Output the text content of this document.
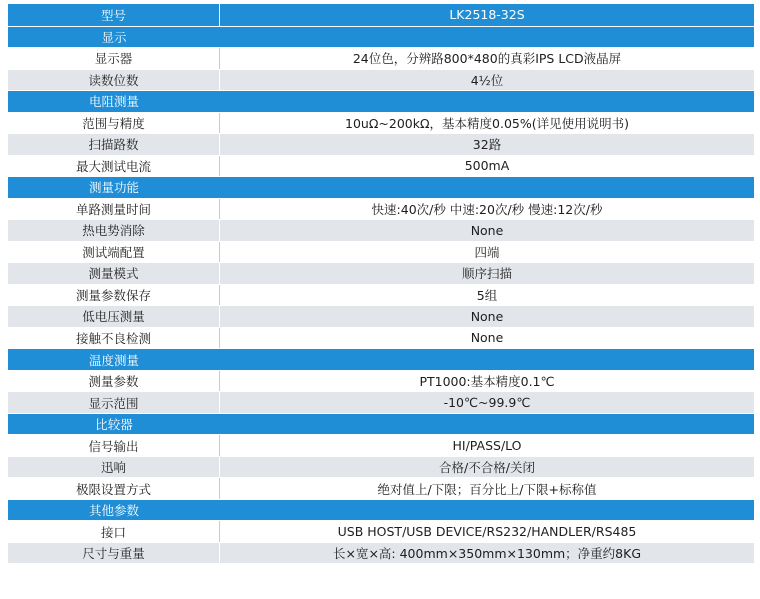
型号	LK2518-32S
显示
显示器	24位色，分辨路800*480的真彩IPS LCD液晶屏
读数位数	4½位
电阻测量
范围与精度	10uΩ~200kΩ，基本精度0.05%(详见使用说明书)
扫描路数	32路
最大测试电流	500mA
测量功能
单路测量时间	快速:40次/秒 中速:20次/秒 慢速:12次/秒
热电势消除	None
测试端配置	四端
测量模式	顺序扫描
测量参数保存	5组
低电压测量	None
接触不良检测	None
温度测量
测量参数	PT1000:基本精度0.1℃
显示范围	-10℃~99.9℃
比较器
信号输出	HI/PASS/LO
迅响	合格/不合格/关闭
极限设置方式	绝对值上/下限；百分比上/下限+标称值
其他参数
接口	USB HOST/USB DEVICE/RS232/HANDLER/RS485
尺寸与重量	长×宽×高: 400mm×350mm×130mm；净重约8KG
